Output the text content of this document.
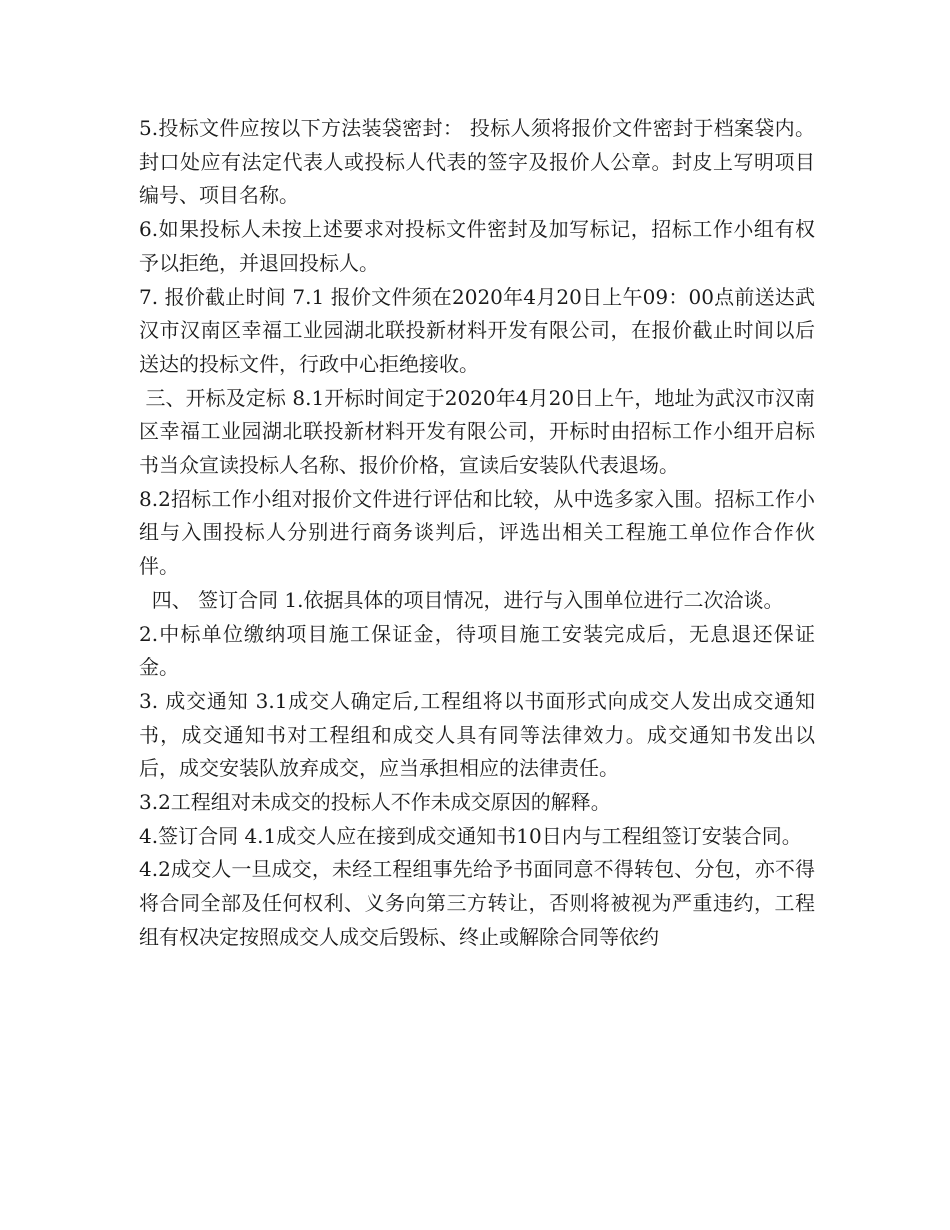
5.投标文件应按以下方法装袋密封： 投标人须将报价文件密封于档案袋内。封口处应有法定代表人或投标人代表的签字及报价人公章。封皮上写明项目编号、项目名称。

6.如果投标人未按上述要求对投标文件密封及加写标记，招标工作小组有权予以拒绝，并退回投标人。

7. 报价截止时间 7.1 报价文件须在2020年4月20日上午09：00点前送达武汉市汉南区幸福工业园湖北联投新材料开发有限公司，在报价截止时间以后送达的投标文件，行政中心拒绝接收。

三、开标及定标 8.1开标时间定于2020年4月20日上午，地址为武汉市汉南区幸福工业园湖北联投新材料开发有限公司，开标时由招标工作小组开启标书当众宣读投标人名称、报价价格，宣读后安装队代表退场。

8.2招标工作小组对报价文件进行评估和比较，从中选多家入围。招标工作小组与入围投标人分别进行商务谈判后，评选出相关工程施工单位作合作伙伴。

四、 签订合同 1.依据具体的项目情况，进行与入围单位进行二次洽谈。

2.中标单位缴纳项目施工保证金，待项目施工安装完成后，无息退还保证金。

3. 成交通知 3.1成交人确定后,工程组将以书面形式向成交人发出成交通知书，成交通知书对工程组和成交人具有同等法律效力。成交通知书发出以后，成交安装队放弃成交，应当承担相应的法律责任。

3.2工程组对未成交的投标人不作未成交原因的解释。

4.签订合同 4.1成交人应在接到成交通知书10日内与工程组签订安装合同。

4.2成交人一旦成交，未经工程组事先给予书面同意不得转包、分包，亦不得将合同全部及任何权利、义务向第三方转让，否则将被视为严重违约，工程组有权决定按照成交人成交后毁标、终止或解除合同等依约
